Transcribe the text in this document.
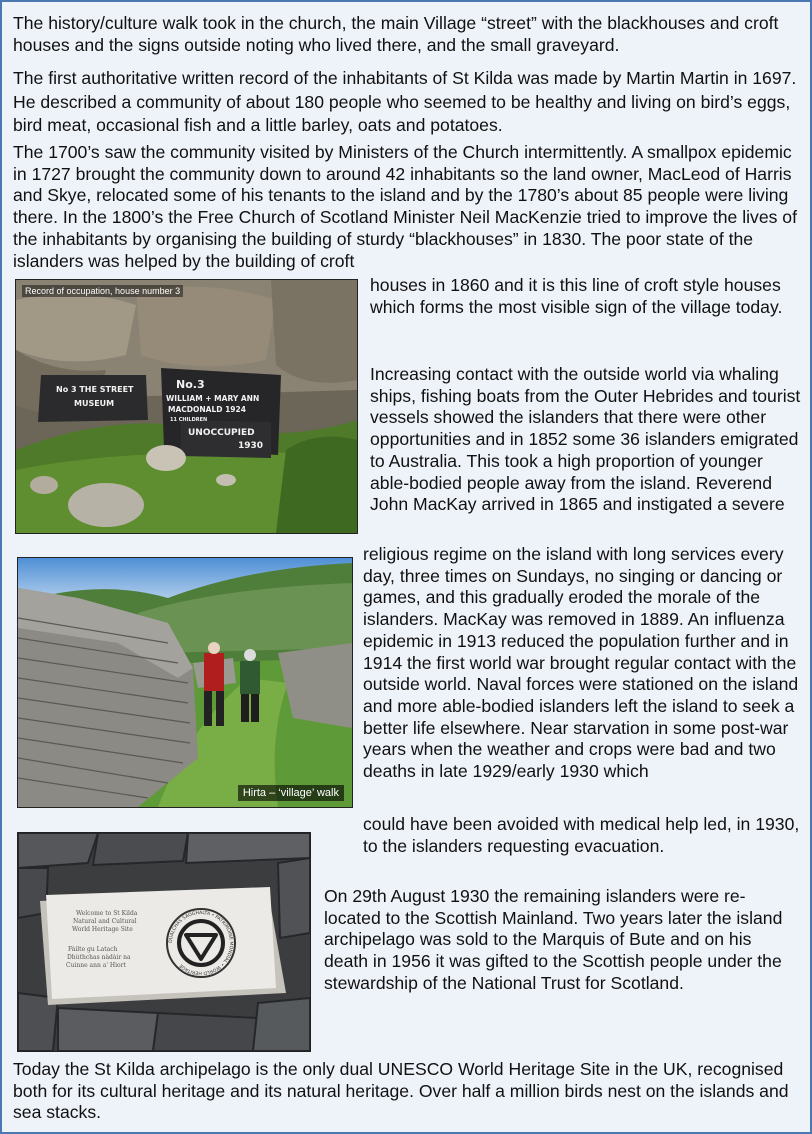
The history/culture walk took in the church, the main Village “street” with the blackhouses and croft houses and the signs outside noting who lived there, and the small graveyard.

The first authoritative written record of the inhabitants of St Kilda was made by Martin Martin in 1697. He described a community of about 180 people who seemed to be healthy and living on bird’s eggs, bird meat, occasional fish and a little barley, oats and potatoes.

The 1700’s saw the community visited by Ministers of the Church intermittently. A smallpox epidemic in 1727 brought the community down to around 42 inhabitants so the land owner, MacLeod of Harris and Skye, relocated some of his tenants to the island and by the 1780’s about 85 people were living there. In the 1800’s the Free Church of Scotland Minister Neil MacKenzie tried to improve the lives of the inhabitants by organising the building of sturdy “blackhouses” in 1830. The poor state of the islanders was helped by the building of croft

houses in 1860 and it is this line of croft style houses which forms the most visible sign of the village today.

Increasing contact with the outside world via whaling ships, fishing boats from the Outer Hebrides and tourist vessels showed the islanders that there were other opportunities and in 1852 some 36 islanders emigrated to Australia. This took a high proportion of younger able-bodied people away from the island. Reverend John MacKay arrived in 1865 and instigated a severe

religious regime on the island with long services every day, three times on Sundays, no singing or dancing or games, and this gradually eroded the morale of the islanders. MacKay was removed in 1889. An influenza epidemic in 1913 reduced the population further and in 1914 the first world war brought regular contact with the outside world. Naval forces were stationed on the island and more able-bodied islanders left the island to seek a better life elsewhere. Near starvation in some post-war years when the weather and crops were bad and two deaths in late 1929/early 1930 which

could have been avoided with medical help led, in 1930, to the islanders requesting evacuation.

On 29th August 1930 the remaining islanders were re-located to the Scottish Mainland. Two years later the island archipelago was sold to the Marquis of Bute and on his death in 1956 it was gifted to the Scottish people under the stewardship of the National Trust for Scotland.

Today the St Kilda archipelago is the only dual UNESCO World Heritage Site in the UK, recognised both for its cultural heritage and its natural heritage. Over half a million birds nest on the islands and sea stacks.

No 3 THE STREET
MUSEUM
No.3
WILLIAM + MARY ANN
MACDONALD 1924
11 CHILDREN
UNOCCUPIED
1930
Record of occupation, house number 3
Hirta – ‘village’ walk
Welcome to St Kilda
Natural and Cultural
World Heritage Site
Fàilte gu Latach
Dhùthchas nàdàir na
Cuinne ann a' Hiort
DUALCHAS SAOGHALTA • PATRIMOINE MONDIAL • WORLD HERITAGE
